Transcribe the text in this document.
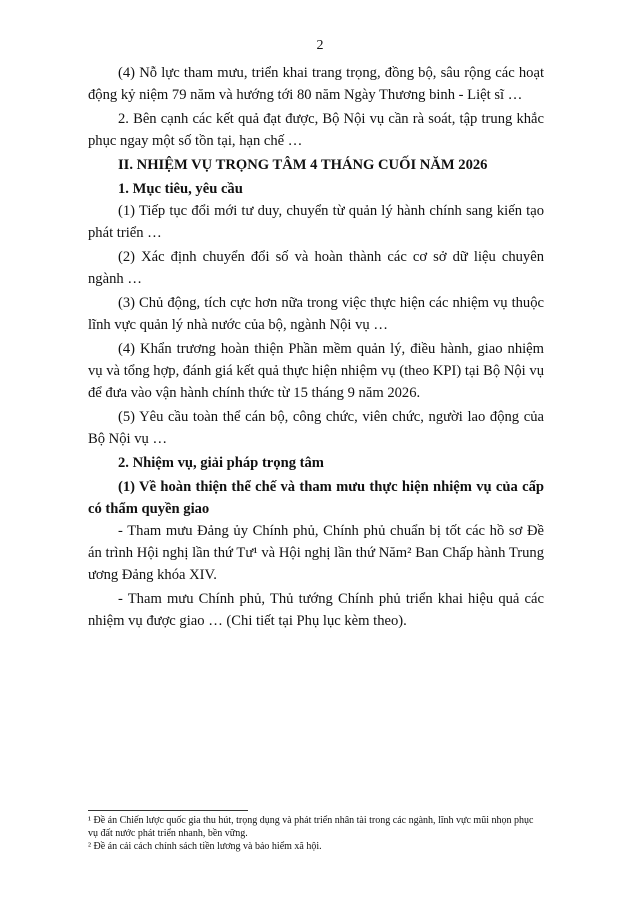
2

(4) Nỗ lực tham mưu, triển khai trang trọng, đồng bộ, sâu rộng các hoạt động kỷ niệm 79 năm và hướng tới 80 năm Ngày Thương binh - Liệt sĩ …

2. Bên cạnh các kết quả đạt được, Bộ Nội vụ cần rà soát, tập trung khắc phục ngay một số tồn tại, hạn chế …

II. NHIỆM VỤ TRỌNG TÂM 4 THÁNG CUỐI NĂM 2026

1. Mục tiêu, yêu cầu

(1) Tiếp tục đổi mới tư duy, chuyển từ quản lý hành chính sang kiến tạo phát triển …

(2) Xác định chuyển đổi số và hoàn thành các cơ sở dữ liệu chuyên ngành …

(3) Chủ động, tích cực hơn nữa trong việc thực hiện các nhiệm vụ thuộc lĩnh vực quản lý nhà nước của bộ, ngành Nội vụ …

(4) Khẩn trương hoàn thiện Phần mềm quản lý, điều hành, giao nhiệm vụ và tổng hợp, đánh giá kết quả thực hiện nhiệm vụ (theo KPI) tại Bộ Nội vụ để đưa vào vận hành chính thức từ 15 tháng 9 năm 2026.

(5) Yêu cầu toàn thể cán bộ, công chức, viên chức, người lao động của Bộ Nội vụ …

2. Nhiệm vụ, giải pháp trọng tâm

(1) Về hoàn thiện thể chế và tham mưu thực hiện nhiệm vụ của cấp có thẩm quyền giao

- Tham mưu Đảng ủy Chính phủ, Chính phủ chuẩn bị tốt các hồ sơ Đề án trình Hội nghị lần thứ Tư¹ và Hội nghị lần thứ Năm² Ban Chấp hành Trung ương Đảng khóa XIV.

- Tham mưu Chính phủ, Thủ tướng Chính phủ triển khai hiệu quả các nhiệm vụ được giao … (Chi tiết tại Phụ lục kèm theo).

¹ Đề án Chiến lược quốc gia thu hút, trọng dụng và phát triển nhân tài trong các ngành, lĩnh vực mũi nhọn phục vụ đất nước phát triển nhanh, bền vững.

² Đề án cải cách chính sách tiền lương và bảo hiểm xã hội.
